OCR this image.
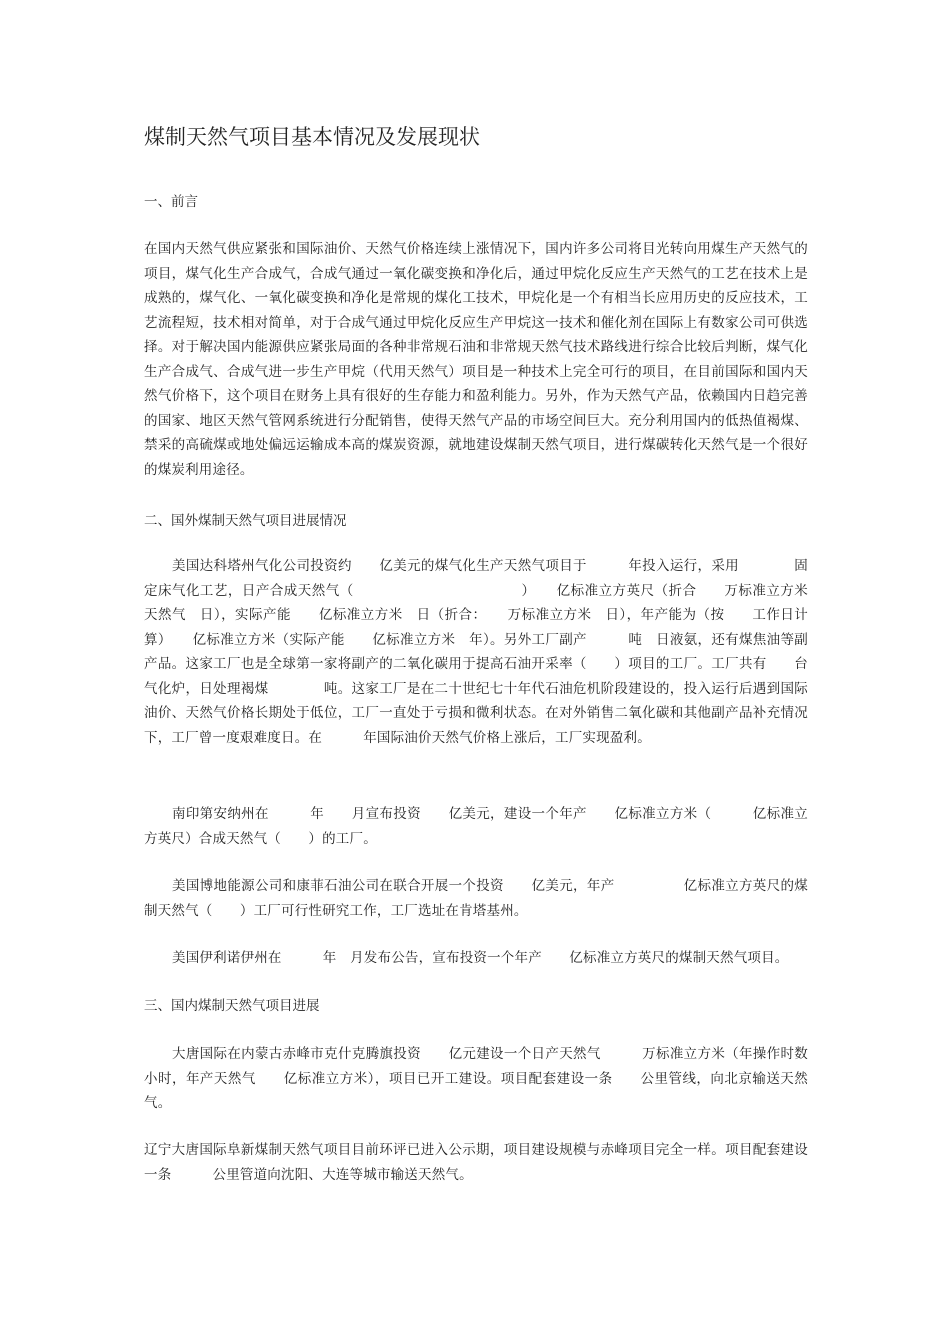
煤制天然气项目基本情况及发展现状
一、前言
在国内天然气供应紧张和国际油价、天然气价格连续上涨情况下，国内许多公司将目光转向用煤生产天然气的项目，煤气化生产合成气，合成气通过一氧化碳变换和净化后，通过甲烷化反应生产天然气的工艺在技术上是成熟的，煤气化、一氧化碳变换和净化是常规的煤化工技术，甲烷化是一个有相当长应用历史的反应技术，工艺流程短，技术相对简单，对于合成气通过甲烷化反应生产甲烷这一技术和催化剂在国际上有数家公司可供选择。对于解决国内能源供应紧张局面的各种非常规石油和非常规天然气技术路线进行综合比较后判断，煤气化生产合成气、合成气进一步生产甲烷（代用天然气）项目是一种技术上完全可行的项目，在目前国际和国内天然气价格下，这个项目在财务上具有很好的生存能力和盈利能力。另外，作为天然气产品，依赖国内日趋完善的国家、地区天然气管网系统进行分配销售，使得天然气产品的市场空间巨大。充分利用国内的低热值褐煤、禁采的高硫煤或地处偏远运输成本高的煤炭资源，就地建设煤制天然气项目，进行煤碳转化天然气是一个很好的煤炭利用途径。
二、国外煤制天然气项目进展情况
美国达科塔州气化公司投资约　　亿美元的煤气化生产天然气项目于　　　年投入运行，采用　　　　固定床气化工艺，日产合成天然气（　　　　　　　　　　　　）　　亿标准立方英尺（折合　　万标准立方米天然气　日），实际产能　　亿标准立方米　日（折合：　　万标准立方米　日），年产能为（按　　工作日计算）　　亿标准立方米（实际产能　　亿标准立方米　年）。另外工厂副产　　　吨　日液氨，还有煤焦油等副产品。这家工厂也是全球第一家将副产的二氧化碳用于提高石油开采率（　　）项目的工厂。工厂共有　　台　　　　　　　气化炉，日处理褐煤　　　　吨。这家工厂是在二十世纪七十年代石油危机阶段建设的，投入运行后遇到国际油价、天然气价格长期处于低位，工厂一直处于亏损和微利状态。在对外销售二氧化碳和其他副产品补充情况下，工厂曾一度艰难度日。在　　　年国际油价天然气价格上涨后，工厂实现盈利。
南印第安纳州在　　　年　　月宣布投资　　亿美元，建设一个年产　　亿标准立方米（　　　亿标准立方英尺）合成天然气（　　）的工厂。
美国博地能源公司和康菲石油公司在联合开展一个投资　　亿美元，年产　　　　　亿标准立方英尺的煤制天然气（　　）工厂可行性研究工作，工厂选址在肯塔基州。
美国伊利诺伊州在　　　年　月发布公告，宣布投资一个年产　　亿标准立方英尺的煤制天然气项目。
三、国内煤制天然气项目进展
大唐国际在内蒙古赤峰市克什克腾旗投资　　亿元建设一个日产天然气　　　万标准立方米（年操作时数　　　小时，年产天然气　　亿标准立方米），项目已开工建设。项目配套建设一条　　公里管线，向北京输送天然气。
辽宁大唐国际阜新煤制天然气项目目前环评已进入公示期，项目建设规模与赤峰项目完全一样。项目配套建设一条　　　公里管道向沈阳、大连等城市输送天然气。
